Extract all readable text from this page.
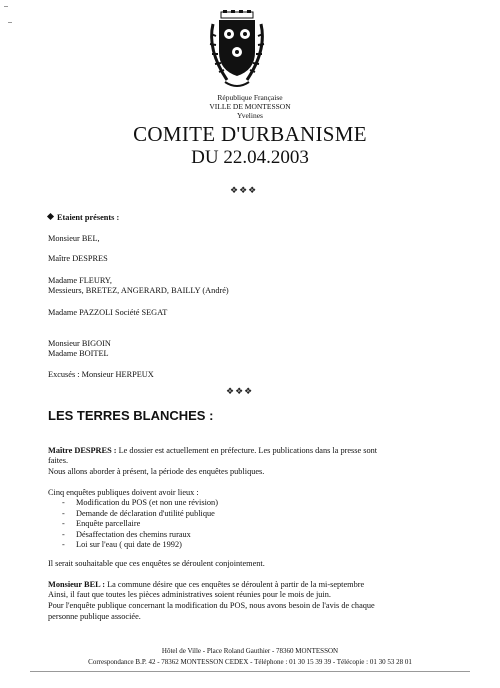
République Française
VILLE DE MONTESSON
Yvelines
COMITE D'URBANISME
DU 22.04.2003
❖❖❖
Etaient présents :
Monsieur BEL,
Maître DESPRES
Madame FLEURY,
Messieurs, BRETEZ, ANGERARD, BAILLY (André)
Madame PAZZOLI Société SEGAT
Monsieur BIGOIN
Madame BOITEL
Excusés : Monsieur HERPEUX
❖❖❖
LES TERRES BLANCHES :
Maître DESPRES : Le dossier est actuellement en préfecture. Les publications dans la presse sont
faites.
Nous allons aborder à présent, la période des enquêtes publiques.
Cinq enquêtes publiques doivent avoir lieux :
- Modification du POS (et non une révision)
- Demande de déclaration d'utilité publique
- Enquête parcellaire
- Désaffectation des chemins ruraux
- Loi sur l'eau ( qui date de 1992)
Il serait souhaitable que ces enquêtes se déroulent conjointement.
Monsieur BEL : La commune désire que ces enquêtes se déroulent à partir de la mi-septembre
Ainsi, il faut que toutes les pièces administratives soient réunies pour le mois de juin.
Pour l'enquête publique concernant la modification du POS, nous avons besoin de l'avis de chaque
personne publique associée.
Hôtel de Ville - Place Roland Gauthier - 78360 MONTESSON
Correspondance B.P. 42 - 78362 MONTESSON CEDEX - Téléphone : 01 30 15 39 39 - Télécopie : 01 30 53 28 01
